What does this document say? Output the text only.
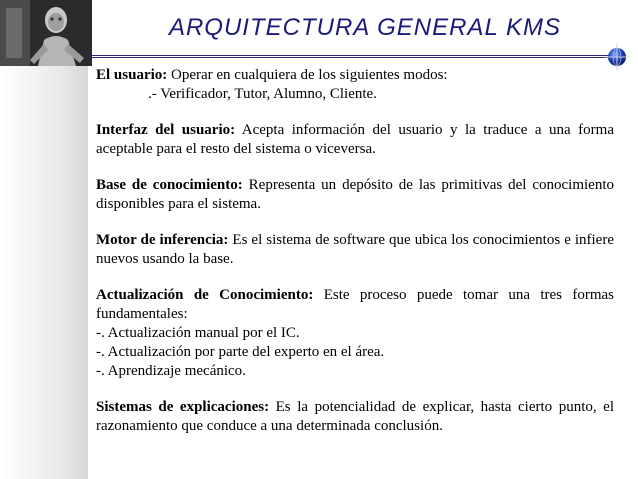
ARQUITECTURA GENERAL KMS

El usuario: Operar en cualquiera de los siguientes modos:

.- Verificador, Tutor, Alumno, Cliente.

Interfaz del usuario: Acepta información del usuario y la traduce a una forma aceptable para el resto del sistema o viceversa.

Base de conocimiento: Representa un depósito de las primitivas del conocimiento disponibles para el sistema.

Motor de inferencia: Es el sistema de software que ubica los conocimientos e infiere nuevos usando la base.

Actualización de Conocimiento: Este proceso puede tomar una tres formas fundamentales:

-. Actualización manual por el IC.

-. Actualización por parte del experto en el área.

-. Aprendizaje mecánico.

Sistemas de explicaciones: Es la potencialidad de explicar, hasta cierto punto, el razonamiento que conduce a una determinada conclusión.
